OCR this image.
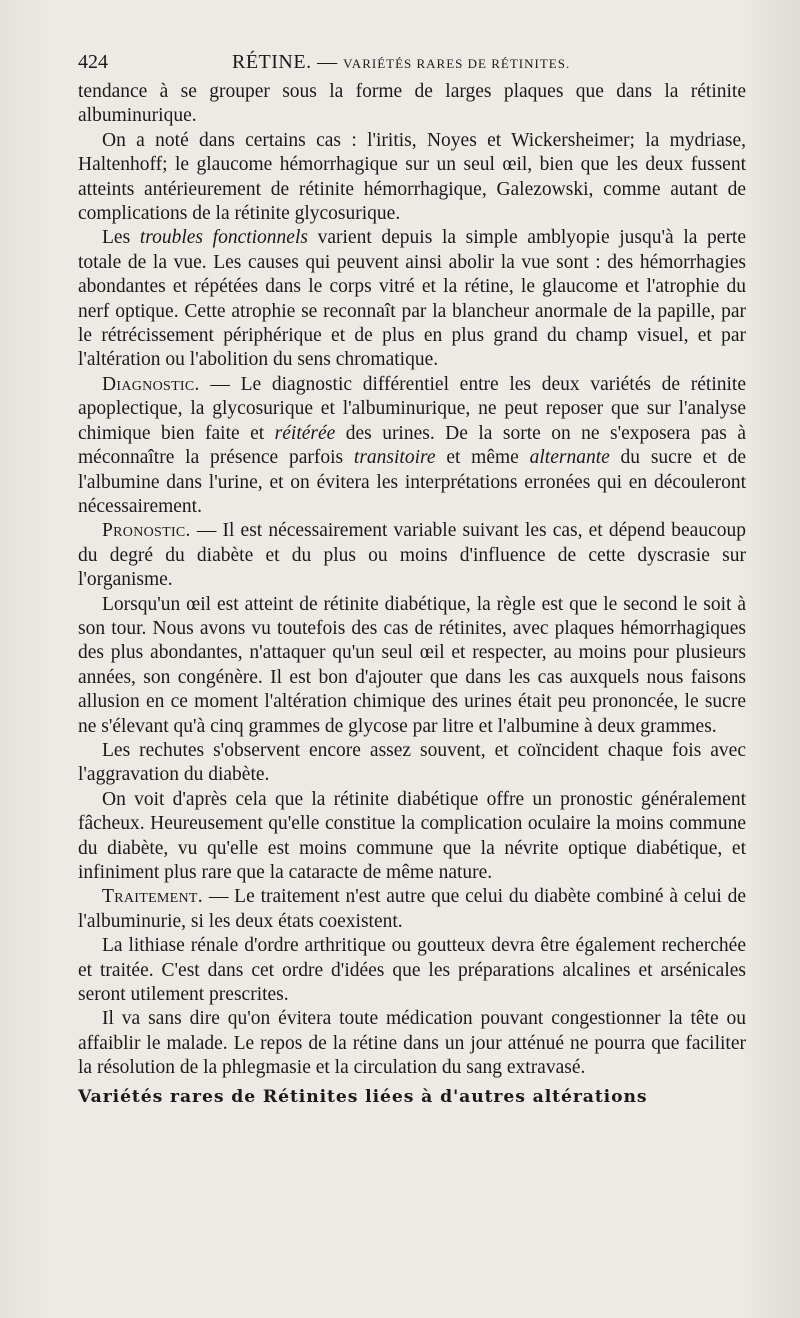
424	RÉTINE. — VARIÉTÉS RARES DE RÉTINITES.

tendance à se grouper sous la forme de larges plaques que dans la rétinite albuminurique.

On a noté dans certains cas : l'iritis, Noyes et Wickersheimer; la mydriase, Haltenhoff; le glaucome hémorrhagique sur un seul œil, bien que les deux fussent atteints antérieurement de rétinite hémorrhagique, Galezowski, comme autant de complications de la rétinite glycosurique.

Les troubles fonctionnels varient depuis la simple amblyopie jusqu'à la perte totale de la vue. Les causes qui peuvent ainsi abolir la vue sont : des hémorrhagies abondantes et répétées dans le corps vitré et la rétine, le glaucome et l'atrophie du nerf optique. Cette atrophie se reconnaît par la blancheur anormale de la papille, par le rétrécissement périphérique et de plus en plus grand du champ visuel, et par l'altération ou l'abolition du sens chromatique.

Diagnostic. — Le diagnostic différentiel entre les deux variétés de rétinite apoplectique, la glycosurique et l'albuminurique, ne peut reposer que sur l'analyse chimique bien faite et réitérée des urines. De la sorte on ne s'exposera pas à méconnaître la présence parfois transitoire et même alternante du sucre et de l'albumine dans l'urine, et on évitera les interprétations erronées qui en découleront nécessairement.

Pronostic. — Il est nécessairement variable suivant les cas, et dépend beaucoup du degré du diabète et du plus ou moins d'influence de cette dyscrasie sur l'organisme.

Lorsqu'un œil est atteint de rétinite diabétique, la règle est que le second le soit à son tour. Nous avons vu toutefois des cas de rétinites, avec plaques hémorrhagiques des plus abondantes, n'attaquer qu'un seul œil et respecter, au moins pour plusieurs années, son congénère. Il est bon d'ajouter que dans les cas auxquels nous faisons allusion en ce moment l'altération chimique des urines était peu prononcée, le sucre ne s'élevant qu'à cinq grammes de glycose par litre et l'albumine à deux grammes.

Les rechutes s'observent encore assez souvent, et coïncident chaque fois avec l'aggravation du diabète.

On voit d'après cela que la rétinite diabétique offre un pronostic généralement fâcheux. Heureusement qu'elle constitue la complication oculaire la moins commune du diabète, vu qu'elle est moins commune que la névrite optique diabétique, et infiniment plus rare que la cataracte de même nature.

Traitement. — Le traitement n'est autre que celui du diabète combiné à celui de l'albuminurie, si les deux états coexistent.

La lithiase rénale d'ordre arthritique ou goutteux devra être également recherchée et traitée. C'est dans cet ordre d'idées que les préparations alcalines et arsénicales seront utilement prescrites.

Il va sans dire qu'on évitera toute médication pouvant congestionner la tête ou affaiblir le malade. Le repos de la rétine dans un jour atténué ne pourra que faciliter la résolution de la phlegmasie et la circulation du sang extravasé.

Variétés rares de Rétinites liées à d'autres altérations
